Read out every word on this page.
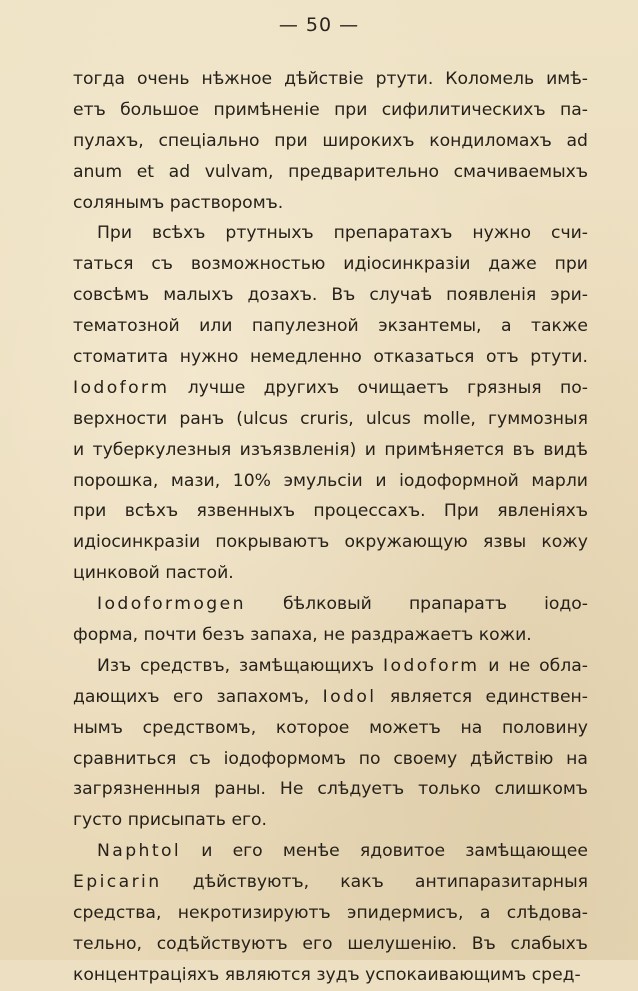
— 50 —
тогда очень нѣжное дѣйствіе ртути. Коломель имѣ-
етъ большое примѣненіе при сифилитическихъ па-
пулахъ, спеціально при широкихъ кондиломахъ ad
anum et ad vulvam, предварительно смачиваемыхъ
солянымъ растворомъ.
При всѣхъ ртутныхъ препаратахъ нужно счи-
таться съ возможностью идіосинкразіи даже при
совсѣмъ малыхъ дозахъ. Въ случаѣ появленія эри-
тематозной или папулезной экзантемы, а также
стоматита нужно немедленно отказаться отъ ртути.
Iodoform лучше другихъ очищаетъ грязныя по-
верхности ранъ (ulcus cruris, ulcus molle, гуммозныя
и туберкулезныя изъязвленія) и примѣняется въ видѣ
порошка, мази, 10% эмульсіи и іодоформной марли
при всѣхъ язвенныхъ процессахъ. При явленіяхъ
идіосинкразіи покрываютъ окружающую язвы кожу
цинковой пастой.
Iodoformogen бѣлковый прапаратъ іодо-
форма, почти безъ запаха, не раздражаетъ кожи.
Изъ средствъ, замѣщающихъ Iodoform и не обла-
дающихъ его запахомъ, Iodol является единствен-
нымъ средствомъ, которое можетъ на половину
сравниться съ іодоформомъ по своему дѣйствію на
загрязненныя раны. Не слѣдуетъ только слишкомъ
густо присыпать его.
Naphtol и его менѣе ядовитое замѣщающее
Epicarin дѣйствуютъ, какъ антипаразитарныя
средства, некротизируютъ эпидермисъ, а слѣдова-
тельно, содѣйствуютъ его шелушенію. Въ слабыхъ
концентраціяхъ являются зудъ успокаивающимъ сред-
